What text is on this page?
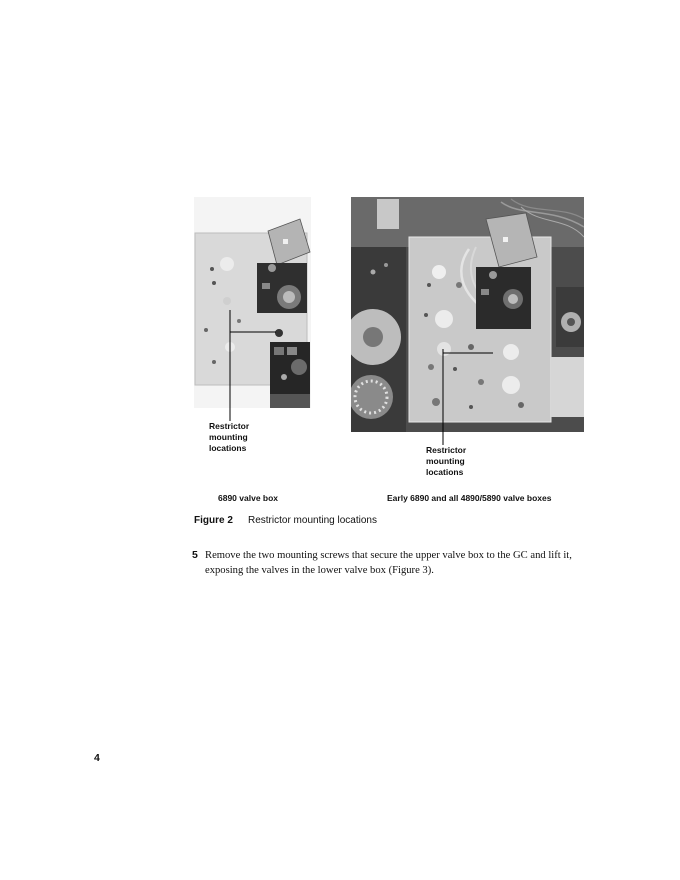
Restrictor
mounting
locations	Restrictor
mounting
locations
6890 valve box	Early 6890 and all 4890/5890 valve boxes
Figure 2 Restrictor mounting locations
5 Remove the two mounting screws that secure the upper valve box to the GC and lift it, exposing the valves in the lower valve box (Figure 3).
4
